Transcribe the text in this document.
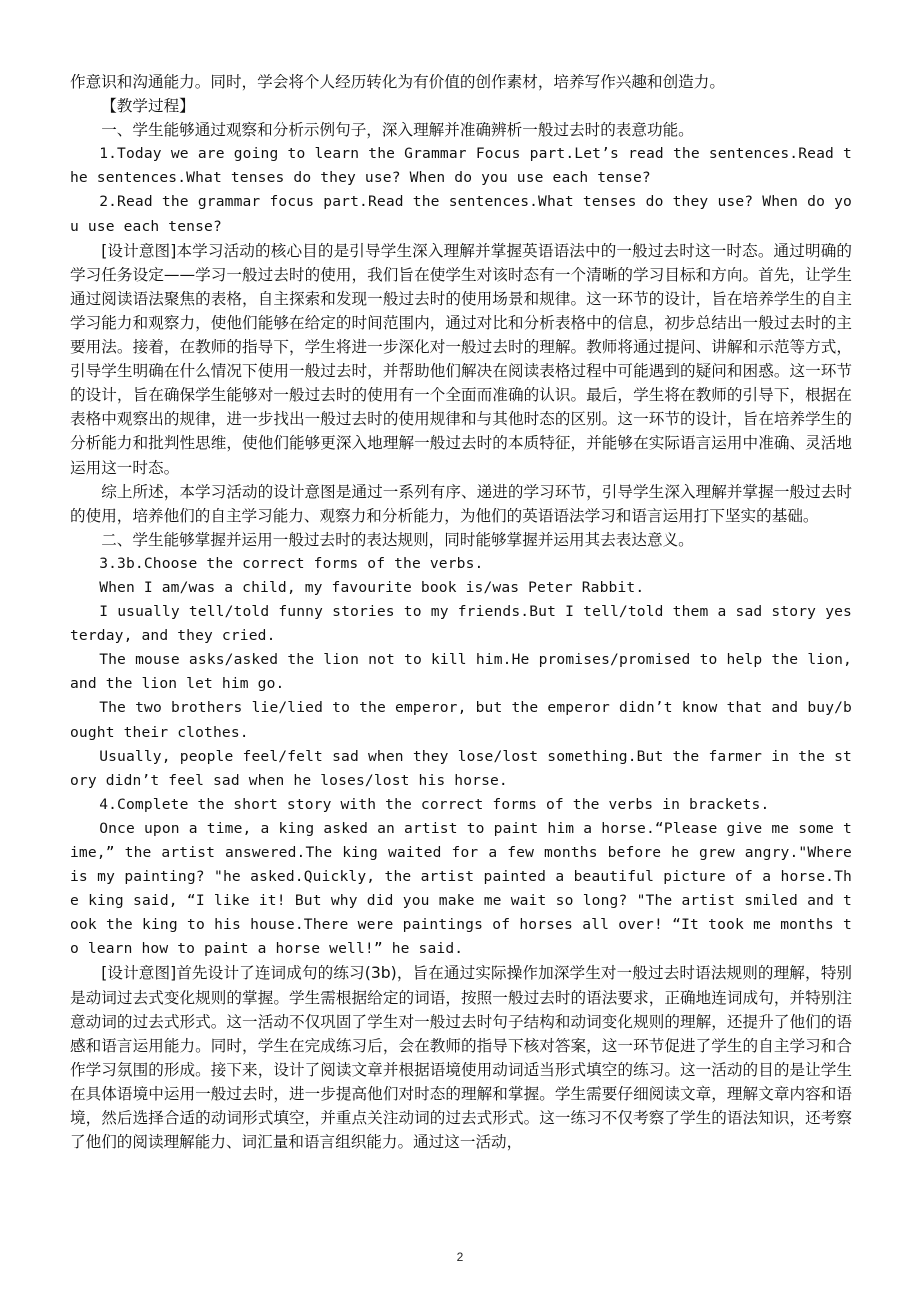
作意识和沟通能力。同时，学会将个人经历转化为有价值的创作素材，培养写作兴趣和创造力。

【教学过程】

一、学生能够通过观察和分析示例句子，深入理解并准确辨析一般过去时的表意功能。

1.Today we are going to learn the Grammar Focus part.Let’s read the sentences.Read the sentences.What tenses do they use? When do you use each tense?

2.Read the grammar focus part.Read the sentences.What tenses do they use? When do you use each tense?

[设计意图]本学习活动的核心目的是引导学生深入理解并掌握英语语法中的一般过去时这一时态。通过明确的学习任务设定——学习一般过去时的使用，我们旨在使学生对该时态有一个清晰的学习目标和方向。首先，让学生通过阅读语法聚焦的表格，自主探索和发现一般过去时的使用场景和规律。这一环节的设计，旨在培养学生的自主学习能力和观察力，使他们能够在给定的时间范围内，通过对比和分析表格中的信息，初步总结出一般过去时的主要用法。接着，在教师的指导下，学生将进一步深化对一般过去时的理解。教师将通过提问、讲解和示范等方式，引导学生明确在什么情况下使用一般过去时，并帮助他们解决在阅读表格过程中可能遇到的疑问和困惑。这一环节的设计，旨在确保学生能够对一般过去时的使用有一个全面而准确的认识。最后，学生将在教师的引导下，根据在表格中观察出的规律，进一步找出一般过去时的使用规律和与其他时态的区别。这一环节的设计，旨在培养学生的分析能力和批判性思维，使他们能够更深入地理解一般过去时的本质特征，并能够在实际语言运用中准确、灵活地运用这一时态。

综上所述，本学习活动的设计意图是通过一系列有序、递进的学习环节，引导学生深入理解并掌握一般过去时的使用，培养他们的自主学习能力、观察力和分析能力，为他们的英语语法学习和语言运用打下坚实的基础。

二、学生能够掌握并运用一般过去时的表达规则，同时能够掌握并运用其去表达意义。

3.3b.Choose the correct forms of the verbs.

When I am/was a child, my favourite book is/was Peter Rabbit.

I usually tell/told funny stories to my friends.But I tell/told them a sad story yesterday, and they cried.

The mouse asks/asked the lion not to kill him.He promises/promised to help the lion, and the lion let him go.

The two brothers lie/lied to the emperor, but the emperor didn’t know that and buy/bought their clothes.

Usually, people feel/felt sad when they lose/lost something.But the farmer in the story didn’t feel sad when he loses/lost his horse.

4.Complete the short story with the correct forms of the verbs in brackets.

Once upon a time, a king asked an artist to paint him a horse.“Please give me some time,” the artist answered.The king waited for a few months before he grew angry."Where is my painting? "he asked.Quickly, the artist painted a beautiful picture of a horse.The king said, “I like it! But why did you make me wait so long? "The artist smiled and took the king to his house.There were paintings of horses all over! “It took me months to learn how to paint a horse well!” he said.

[设计意图]首先设计了连词成句的练习(3b)，旨在通过实际操作加深学生对一般过去时语法规则的理解，特别是动词过去式变化规则的掌握。学生需根据给定的词语，按照一般过去时的语法要求，正确地连词成句，并特别注意动词的过去式形式。这一活动不仅巩固了学生对一般过去时句子结构和动词变化规则的理解，还提升了他们的语感和语言运用能力。同时，学生在完成练习后，会在教师的指导下核对答案，这一环节促进了学生的自主学习和合作学习氛围的形成。接下来，设计了阅读文章并根据语境使用动词适当形式填空的练习。这一活动的目的是让学生在具体语境中运用一般过去时，进一步提高他们对时态的理解和掌握。学生需要仔细阅读文章，理解文章内容和语境，然后选择合适的动词形式填空，并重点关注动词的过去式形式。这一练习不仅考察了学生的语法知识，还考察了他们的阅读理解能力、词汇量和语言组织能力。通过这一活动，

2
